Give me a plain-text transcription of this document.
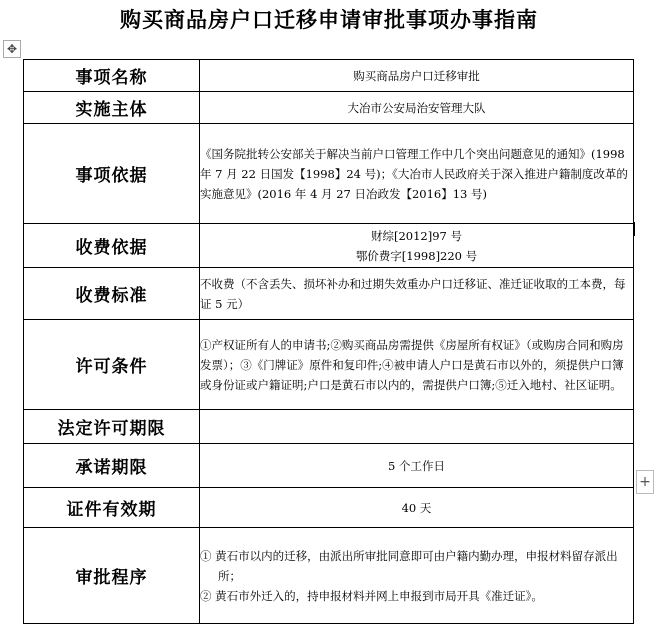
购买商品房户口迁移申请审批事项办事指南
✥
事项名称	购买商品房户口迁移审批
实施主体	大冶市公安局治安管理大队
事项依据	《国务院批转公安部关于解决当前户口管理工作中几个突出问题意见的通知》(1998 年 7 月 22 日国发【1998】24 号)；《大冶市人民政府关于深入推进户籍制度改革的实施意见》(2016 年 4 月 27 日冶政发【2016】13 号)
收费依据	财综[2012]97 号
鄂价费字[1998]220 号

收费标准	不收费（不含丢失、损坏补办和过期失效重办户口迁移证、准迁证收取的工本费，每证 5 元）
许可条件	①产权证所有人的申请书;②购买商品房需提供《房屋所有权证》（或购房合同和购房发票）；③《门牌证》原件和复印件;④被申请人户口是黄石市以外的，须提供户口簿或身份证或户籍证明;户口是黄石市以内的，需提供户口簿;⑤迁入地村、社区证明。
法定许可期限	
承诺期限	5 个工作日
证件有效期	40 天
审批程序	① 黄石市以内的迁移，由派出所审批同意即可由户籍内勤办理，申报材料留存派出所；
② 黄石市外迁入的，持申报材料并网上申报到市局开具《准迁证》。
+
